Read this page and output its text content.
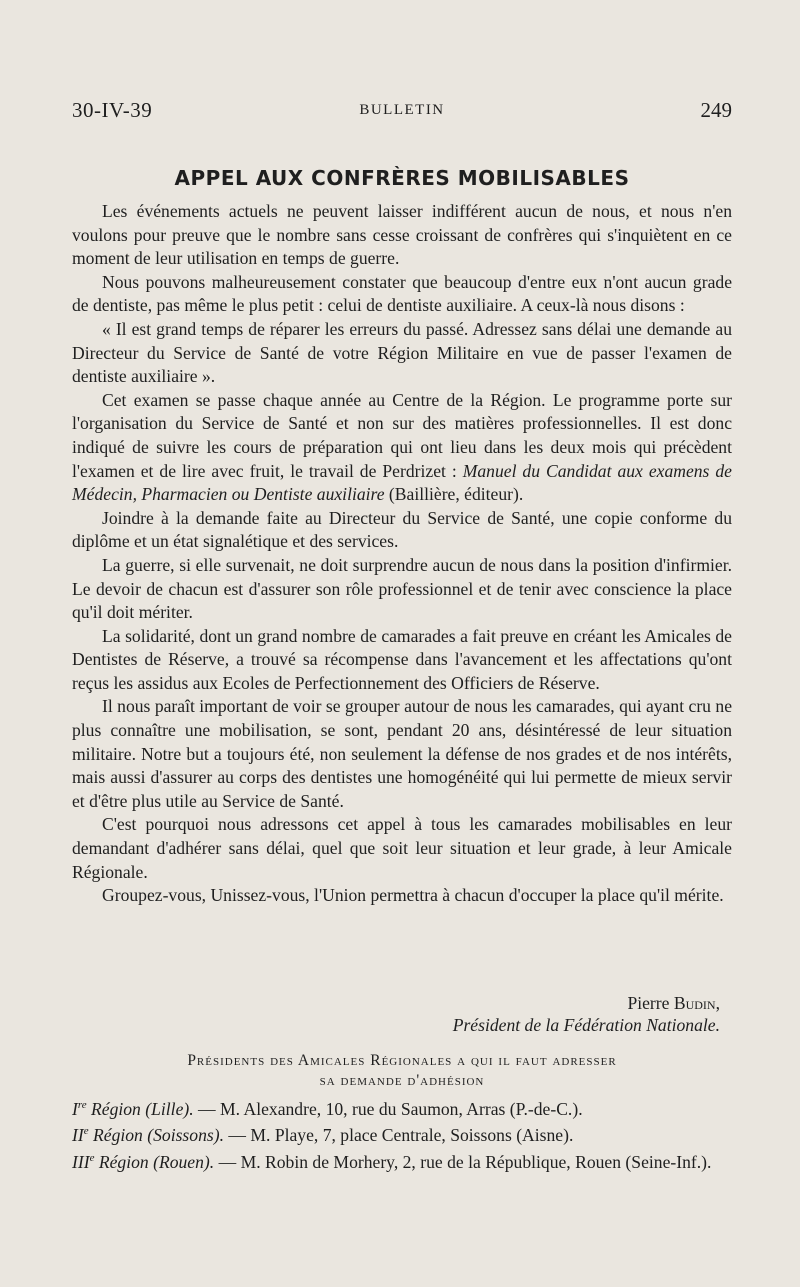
30-IV-39	BULLETIN	249
APPEL AUX CONFRÈRES MOBILISABLES

Les événements actuels ne peuvent laisser indifférent aucun de nous, et nous n'en voulons pour preuve que le nombre sans cesse croissant de confrères qui s'inquiètent en ce moment de leur utilisation en temps de guerre.

Nous pouvons malheureusement constater que beaucoup d'entre eux n'ont aucun grade de dentiste, pas même le plus petit : celui de dentiste auxiliaire. A ceux-là nous disons :

« Il est grand temps de réparer les erreurs du passé. Adressez sans délai une demande au Directeur du Service de Santé de votre Région Militaire en vue de passer l'examen de dentiste auxiliaire ».

Cet examen se passe chaque année au Centre de la Région. Le programme porte sur l'organisation du Service de Santé et non sur des matières professionnelles. Il est donc indiqué de suivre les cours de préparation qui ont lieu dans les deux mois qui précèdent l'examen et de lire avec fruit, le travail de Perdrizet : Manuel du Candidat aux examens de Médecin, Pharmacien ou Dentiste auxiliaire (Baillière, éditeur).

Joindre à la demande faite au Directeur du Service de Santé, une copie conforme du diplôme et un état signalétique et des services.

La guerre, si elle survenait, ne doit surprendre aucun de nous dans la position d'infirmier. Le devoir de chacun est d'assurer son rôle professionnel et de tenir avec conscience la place qu'il doit mériter.

La solidarité, dont un grand nombre de camarades a fait preuve en créant les Amicales de Dentistes de Réserve, a trouvé sa récompense dans l'avancement et les affectations qu'ont reçus les assidus aux Ecoles de Perfectionnement des Officiers de Réserve.

Il nous paraît important de voir se grouper autour de nous les camarades, qui ayant cru ne plus connaître une mobilisation, se sont, pendant 20 ans, désintéressé de leur situation militaire. Notre but a toujours été, non seulement la défense de nos grades et de nos intérêts, mais aussi d'assurer au corps des dentistes une homogénéité qui lui permette de mieux servir et d'être plus utile au Service de Santé.

C'est pourquoi nous adressons cet appel à tous les camarades mobilisables en leur demandant d'adhérer sans délai, quel que soit leur situation et leur grade, à leur Amicale Régionale.

Groupez-vous, Unissez-vous, l'Union permettra à chacun d'occuper la place qu'il mérite.

Pierre Budin,
Président de la Fédération Nationale.
Présidents des Amicales Régionales a qui il faut adresser
sa demande d'adhésion

Ire Région (Lille). — M. Alexandre, 10, rue du Saumon, Arras (P.-de-C.).

IIe Région (Soissons). — M. Playe, 7, place Centrale, Soissons (Aisne).

IIIe Région (Rouen). — M. Robin de Morhery, 2, rue de la République, Rouen (Seine-Inf.).
